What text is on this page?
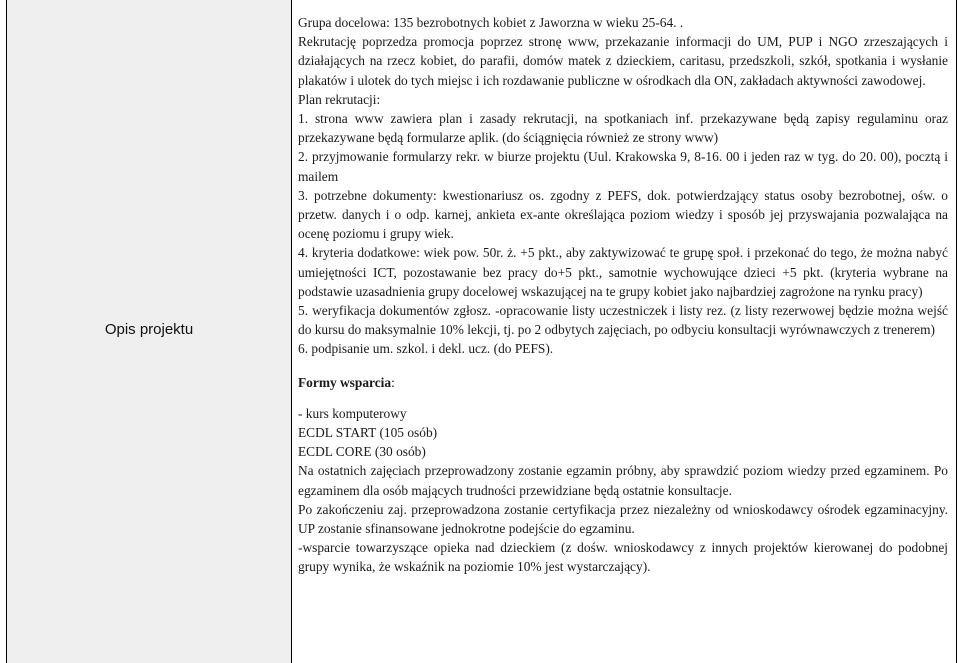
Opis projektu

Grupa docelowa: 135 bezrobotnych kobiet z Jaworzna w wieku 25-64. .

Rekrutację poprzedza promocja poprzez stronę www, przekazanie informacji do UM, PUP i NGO zrzeszających i działających na rzecz kobiet, do parafii, domów matek z dzieckiem, caritasu, przedszkoli, szkół, spotkania i wysłanie plakatów i ulotek do tych miejsc i ich rozdawanie publiczne w ośrodkach dla ON, zakładach aktywności zawodowej.

Plan rekrutacji:

1. strona www zawiera plan i zasady rekrutacji, na spotkaniach inf. przekazywane będą zapisy regulaminu oraz przekazywane będą formularze aplik. (do ściągnięcia również ze strony www)

2. przyjmowanie formularzy rekr. w biurze projektu (Uul. Krakowska 9, 8-16. 00 i jeden raz w tyg. do 20. 00), pocztą i mailem

3. potrzebne dokumenty: kwestionariusz os. zgodny z PEFS, dok. potwierdzający status osoby bezrobotnej, ośw. o przetw. danych i o odp. karnej, ankieta ex-ante określająca poziom wiedzy i sposób jej przyswajania pozwalająca na ocenę poziomu i grupy wiek.

4. kryteria dodatkowe: wiek pow. 50r. ż. +5 pkt., aby zaktywizować te grupę społ. i przekonać do tego, że można nabyć umiejętności ICT, pozostawanie bez pracy do+5 pkt., samotnie wychowujące dzieci +5 pkt. (kryteria wybrane na podstawie uzasadnienia grupy docelowej wskazującej na te grupy kobiet jako najbardziej zagrożone na rynku pracy)

5. weryfikacja dokumentów zgłosz. -opracowanie listy uczestniczek i listy rez. (z listy rezerwowej będzie można wejść do kursu do maksymalnie 10% lekcji, tj. po 2 odbytych zajęciach, po odbyciu konsultacji wyrównawczych z trenerem)

6. podpisanie um. szkol. i dekl. ucz. (do PEFS).

Formy wsparcia:

- kurs komputerowy

ECDL START (105 osób)

ECDL CORE (30 osób)

Na ostatnich zajęciach przeprowadzony zostanie egzamin próbny, aby sprawdzić poziom wiedzy przed egzaminem. Po egzaminem dla osób mających trudności przewidziane będą ostatnie konsultacje.

Po zakończeniu zaj. przeprowadzona zostanie certyfikacja przez niezależny od wnioskodawcy ośrodek egzaminacyjny. UP zostanie sfinansowane jednokrotne podejście do egzaminu.

-wsparcie towarzyszące opieka nad dzieckiem (z dośw. wnioskodawcy z innych projektów kierowanej do podobnej grupy wynika, że wskaźnik na poziomie 10% jest wystarczający).
